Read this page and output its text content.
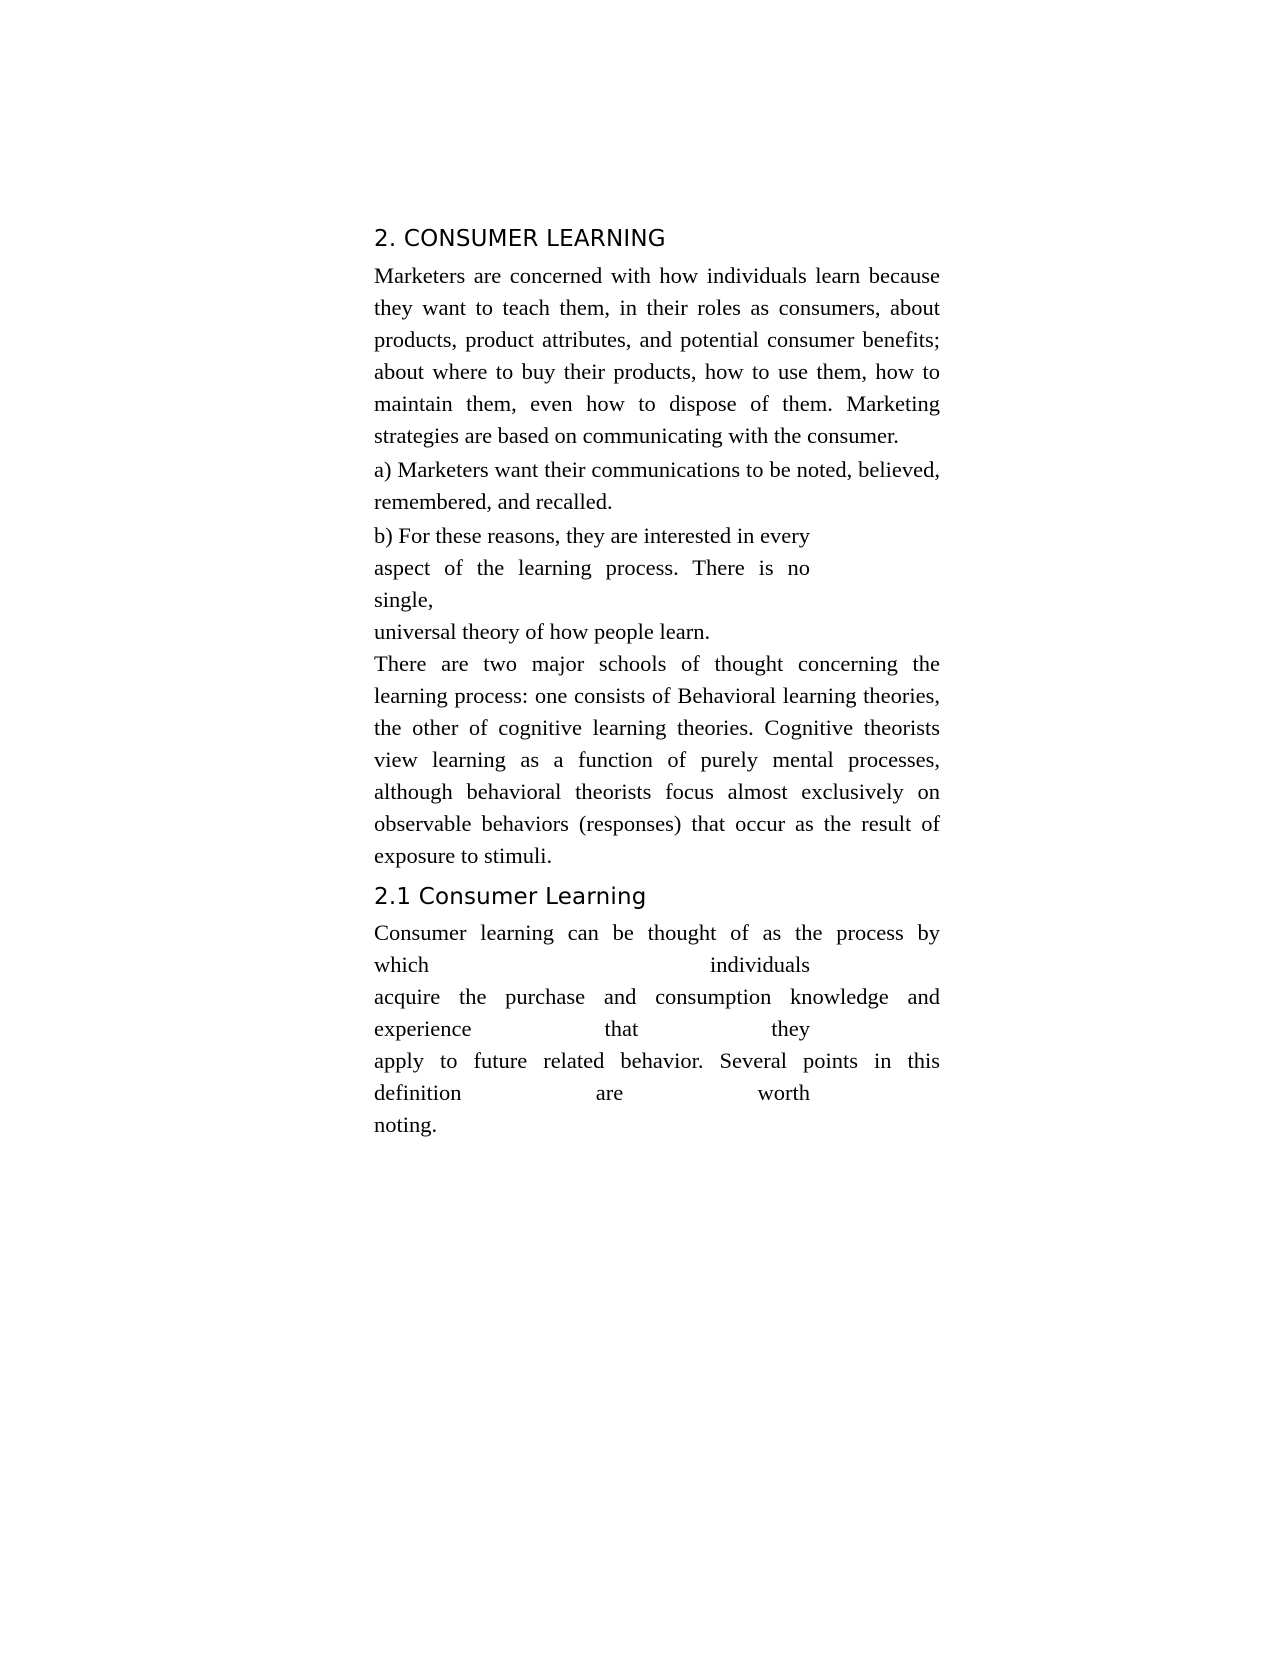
2. CONSUMER LEARNING

Marketers are concerned with how individuals learn because they want to teach them, in their roles as consumers, about products, product attributes, and potential consumer benefits; about where to buy their products, how to use them, how to maintain them, even how to dispose of them. Marketing strategies are based on communicating with the consumer.

a) Marketers want their communications to be noted, believed, remembered, and recalled.

b) For these reasons, they are interested in every
aspect of the learning process. There is no single,
universal theory of how people learn.

There are two major schools of thought concerning the learning process: one consists of Behavioral learning theories, the other of cognitive learning theories. Cognitive theorists view learning as a function of purely mental processes, although behavioral theorists focus almost exclusively on observable behaviors (responses) that occur as the result of exposure to stimuli.

2.1 Consumer Learning
Consumer learning can be thought of as the process by
which individuals
acquire the purchase and consumption knowledge and
experience that they
apply to future related behavior. Several points in this
definition are worth
noting.
